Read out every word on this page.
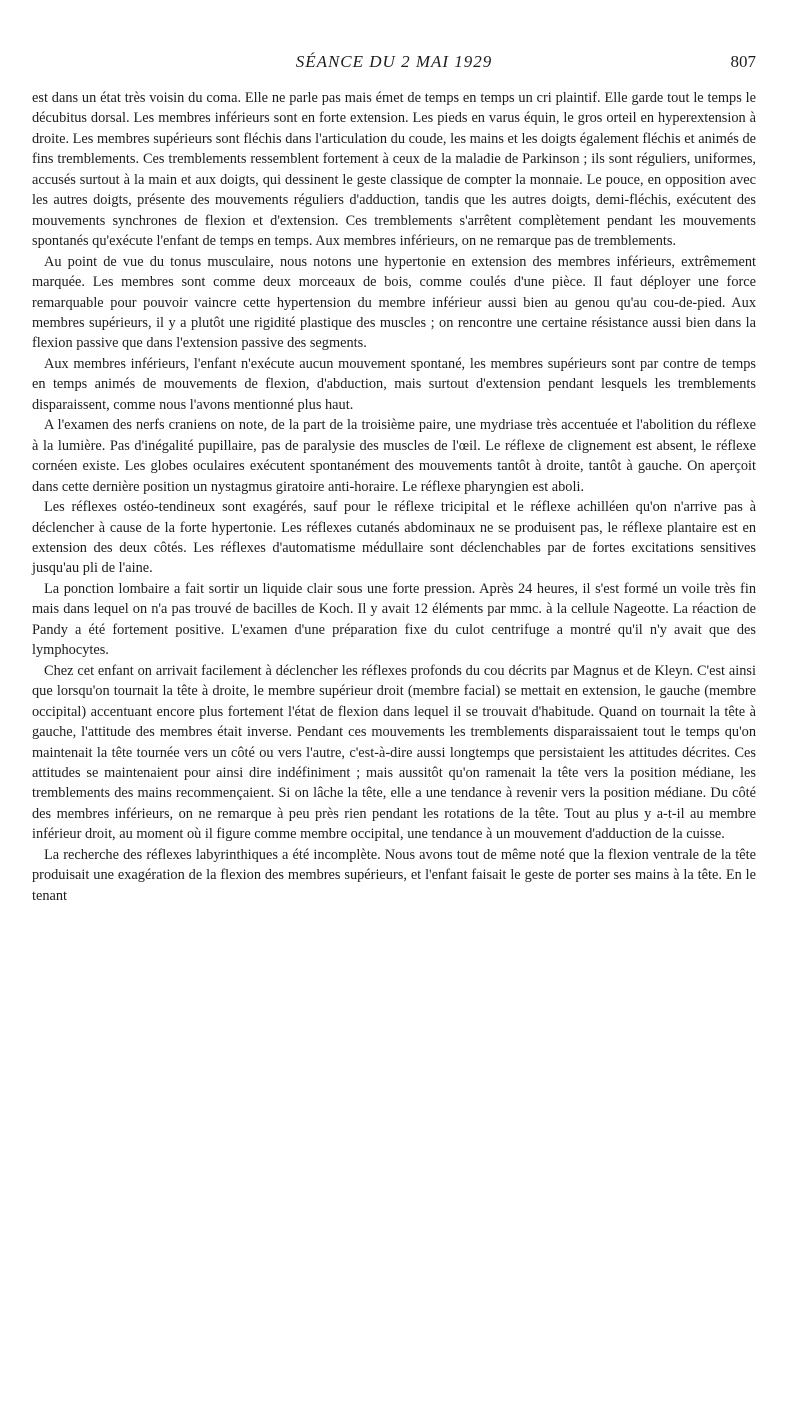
SÉANCE DU 2 MAI 1929	807

est dans un état très voisin du coma. Elle ne parle pas mais émet de temps en temps un cri plaintif. Elle garde tout le temps le décubitus dorsal. Les membres inférieurs sont en forte extension. Les pieds en varus équin, le gros orteil en hyperextension à droite. Les membres supérieurs sont fléchis dans l'articulation du coude, les mains et les doigts également fléchis et animés de fins tremblements. Ces tremblements ressemblent fortement à ceux de la maladie de Parkinson ; ils sont réguliers, uniformes, accusés surtout à la main et aux doigts, qui dessinent le geste classique de compter la monnaie. Le pouce, en opposition avec les autres doigts, présente des mouvements réguliers d'adduction, tandis que les autres doigts, demi-fléchis, exécutent des mouvements synchrones de flexion et d'extension. Ces tremblements s'arrêtent complètement pendant les mouvements spontanés qu'exécute l'enfant de temps en temps. Aux membres inférieurs, on ne remarque pas de tremblements.

Au point de vue du tonus musculaire, nous notons une hypertonie en extension des membres inférieurs, extrêmement marquée. Les membres sont comme deux morceaux de bois, comme coulés d'une pièce. Il faut déployer une force remarquable pour pouvoir vaincre cette hypertension du membre inférieur aussi bien au genou qu'au cou-de-pied. Aux membres supérieurs, il y a plutôt une rigidité plastique des muscles ; on rencontre une certaine résistance aussi bien dans la flexion passive que dans l'extension passive des segments.

Aux membres inférieurs, l'enfant n'exécute aucun mouvement spontané, les membres supérieurs sont par contre de temps en temps animés de mouvements de flexion, d'abduction, mais surtout d'extension pendant lesquels les tremblements disparaissent, comme nous l'avons mentionné plus haut.

A l'examen des nerfs craniens on note, de la part de la troisième paire, une mydriase très accentuée et l'abolition du réflexe à la lumière. Pas d'inégalité pupillaire, pas de paralysie des muscles de l'œil. Le réflexe de clignement est absent, le réflexe cornéen existe. Les globes oculaires exécutent spontanément des mouvements tantôt à droite, tantôt à gauche. On aperçoit dans cette dernière position un nystagmus giratoire anti-horaire. Le réflexe pharyngien est aboli.

Les réflexes ostéo-tendineux sont exagérés, sauf pour le réflexe tricipital et le réflexe achilléen qu'on n'arrive pas à déclencher à cause de la forte hypertonie. Les réflexes cutanés abdominaux ne se produisent pas, le réflexe plantaire est en extension des deux côtés. Les réflexes d'automatisme médullaire sont déclenchables par de fortes excitations sensitives jusqu'au pli de l'aine.

La ponction lombaire a fait sortir un liquide clair sous une forte pression. Après 24 heures, il s'est formé un voile très fin mais dans lequel on n'a pas trouvé de bacilles de Koch. Il y avait 12 éléments par mmc. à la cellule Nageotte. La réaction de Pandy a été fortement positive. L'examen d'une préparation fixe du culot centrifuge a montré qu'il n'y avait que des lymphocytes.

Chez cet enfant on arrivait facilement à déclencher les réflexes profonds du cou décrits par Magnus et de Kleyn. C'est ainsi que lorsqu'on tournait la tête à droite, le membre supérieur droit (membre facial) se mettait en extension, le gauche (membre occipital) accentuant encore plus fortement l'état de flexion dans lequel il se trouvait d'habitude. Quand on tournait la tête à gauche, l'attitude des membres était inverse. Pendant ces mouvements les tremblements disparaissaient tout le temps qu'on maintenait la tête tournée vers un côté ou vers l'autre, c'est-à-dire aussi longtemps que persistaient les attitudes décrites. Ces attitudes se maintenaient pour ainsi dire indéfiniment ; mais aussitôt qu'on ramenait la tête vers la position médiane, les tremblements des mains recommençaient. Si on lâche la tête, elle a une tendance à revenir vers la position médiane. Du côté des membres inférieurs, on ne remarque à peu près rien pendant les rotations de la tête. Tout au plus y a-t-il au membre inférieur droit, au moment où il figure comme membre occipital, une tendance à un mouvement d'adduction de la cuisse.

La recherche des réflexes labyrinthiques a été incomplète. Nous avons tout de même noté que la flexion ventrale de la tête produisait une exagération de la flexion des membres supérieurs, et l'enfant faisait le geste de porter ses mains à la tête. En le tenant
